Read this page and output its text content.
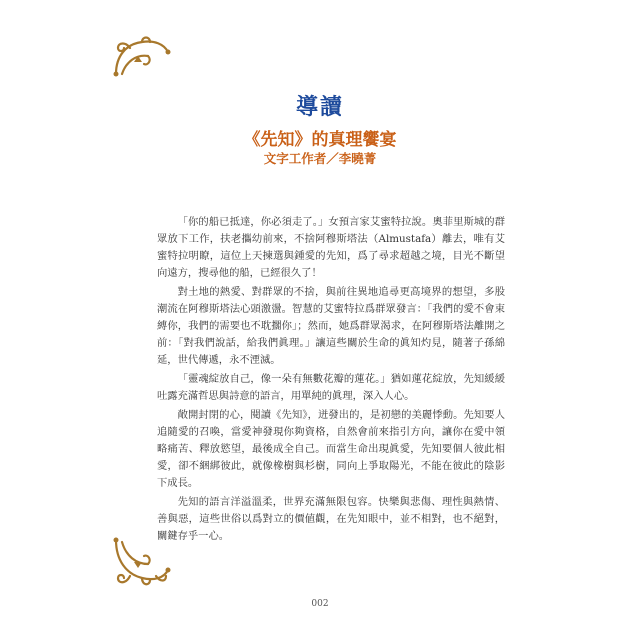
導讀
《先知》的真理饗宴
文字工作者／李曉菁

「你的船已抵達，你必須走了。」女預言家艾蜜特拉說。奧菲里斯城的群眾放下工作，扶老攜幼前來，不捨阿穆斯塔法（Almustafa）離去，唯有艾蜜特拉明瞭，這位上天揀選與鍾愛的先知，爲了尋求超越之境，目光不斷望向遠方，搜尋他的船，已經很久了！

對土地的熱愛、對群眾的不捨，與前往異地追尋更高境界的想望，多股潮流在阿穆斯塔法心頭激盪。智慧的艾蜜特拉爲群眾發言：「我們的愛不會束縛你，我們的需要也不耽擱你」；然而，她爲群眾渴求，在阿穆斯塔法離開之前：「對我們說話，給我們眞理。」讓這些關於生命的眞知灼見，隨著子孫綿延，世代傳遞，永不湮滅。

「靈魂綻放自己，像一朵有無數花瓣的蓮花。」猶如蓮花綻放，先知緩緩吐露充滿哲思與詩意的語言，用單純的眞理，深入人心。

敞開封閉的心，閱讀《先知》，迸發出的，是初戀的美麗悸動。先知要人追隨愛的召喚，當愛神發現你夠資格，自然會前來指引方向，讓你在愛中領略痛苦、釋放慾望，最後成全自己。而當生命出現眞愛，先知要個人彼此相愛，卻不綑綁彼此，就像橡樹與杉樹，同向上爭取陽光，不能在彼此的陰影下成長。

先知的語言洋溢溫柔，世界充滿無限包容。快樂與悲傷、理性與熱情、善與惡，這些世俗以爲對立的價値觀，在先知眼中，並不相對，也不絕對，關鍵存乎一心。

002
